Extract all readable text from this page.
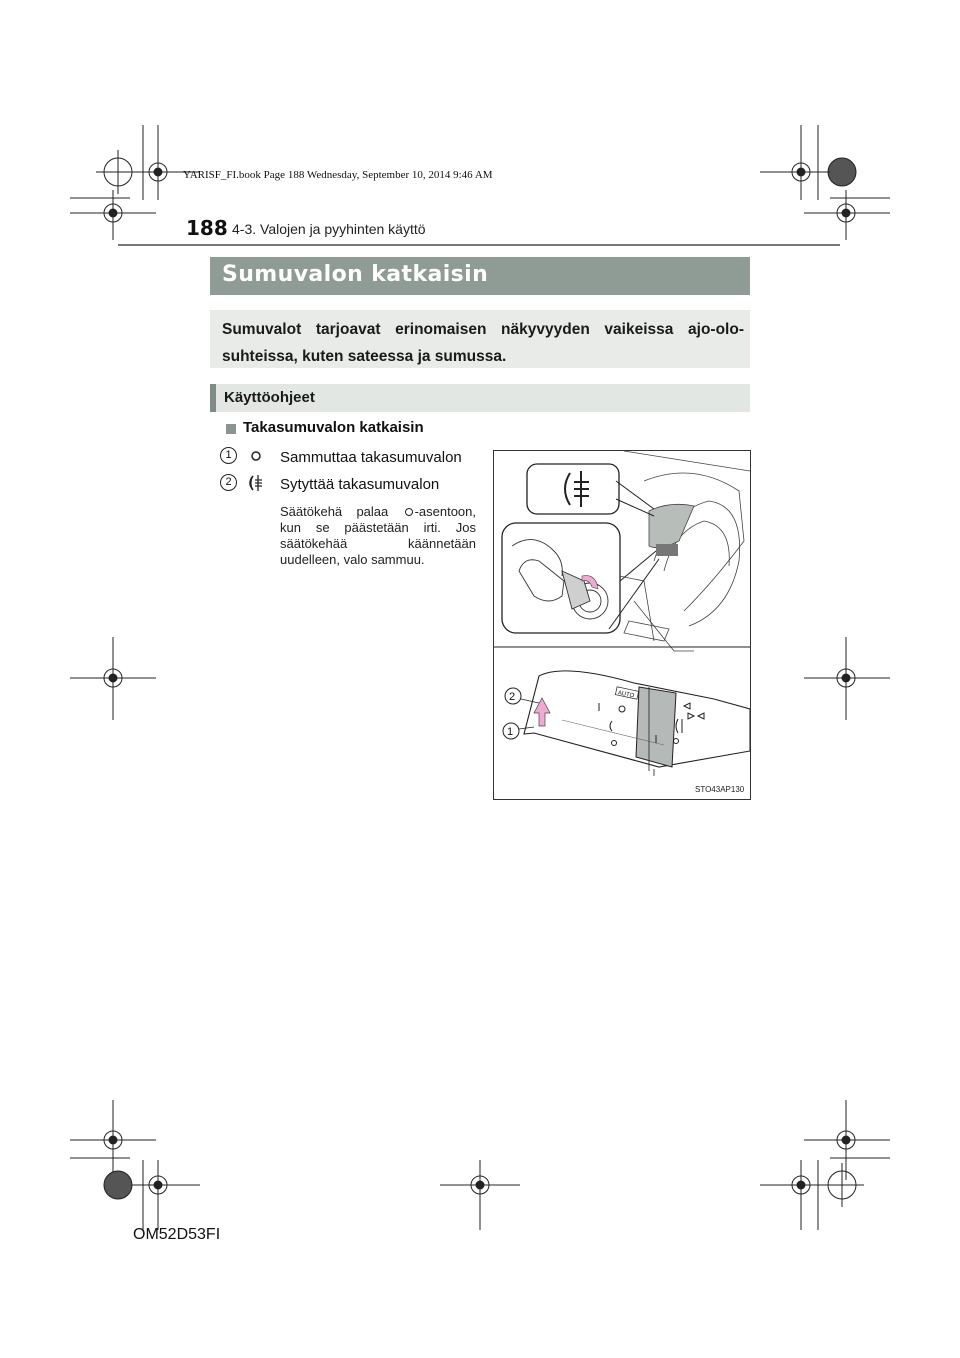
YARISF_FI.book Page 188 Wednesday, September 10, 2014 9:46 AM
188 4-3. Valojen ja pyyhinten käyttö
Sumuvalon katkaisin
Sumuvalot tarjoavat erinomaisen näkyvyyden vaikeissa ajo-olosuhteissa, kuten sateessa ja sumussa.
Käyttöohjeet
Takasumuvalon katkaisin
1	Sammuttaa takasumuvalon
2	Sytyttää takasumuvalon
Säätökehä palaa -asentoon, kun se päästetään irti. Jos säätökehää käännetään uudelleen, valo sammuu.
AUTO
2
1
STO43AP130
OM52D53FI
